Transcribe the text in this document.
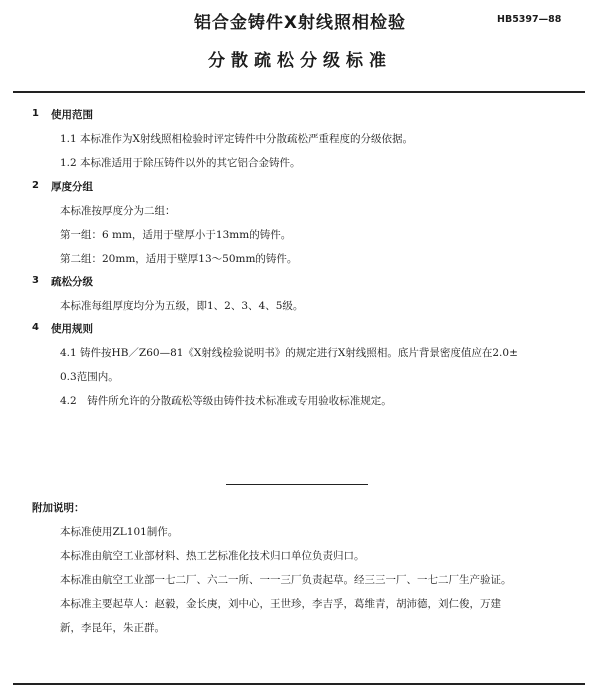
铝合金铸件X射线照相检验	HB5397—88
分散疏松分级标准
1 使用范围
1.1 本标准作为X射线照相检验时评定铸件中分散疏松严重程度的分级依据。
1.2 本标准适用于除压铸件以外的其它铝合金铸件。
2 厚度分组
本标准按厚度分为二组：
第一组：6 mm，适用于壁厚小于13mm的铸件。
第二组：20mm，适用于壁厚13～50mm的铸件。
3 疏松分级
本标准每组厚度均分为五级，即1、2、3、4、5级。
4 使用规则
4.1 铸件按HB／Z60—81《X射线检验说明书》的规定进行X射线照相。底片背景密度值应在2.0±
0.3范围内。
4.2　铸件所允许的分散疏松等级由铸件技术标准或专用验收标准规定。
附加说明：
本标准使用ZL101制作。
本标准由航空工业部材料、热工艺标准化技术归口单位负责归口。
本标准由航空工业部一七二厂、六二一所、一一三厂负责起草。经三三一厂、一七二厂生产验证。
本标准主要起草人：赵毅，金长庚，刘中心，王世珍，李吉孚，葛维青，胡沛德，刘仁俊，万建
新，李昆年，朱正群。
